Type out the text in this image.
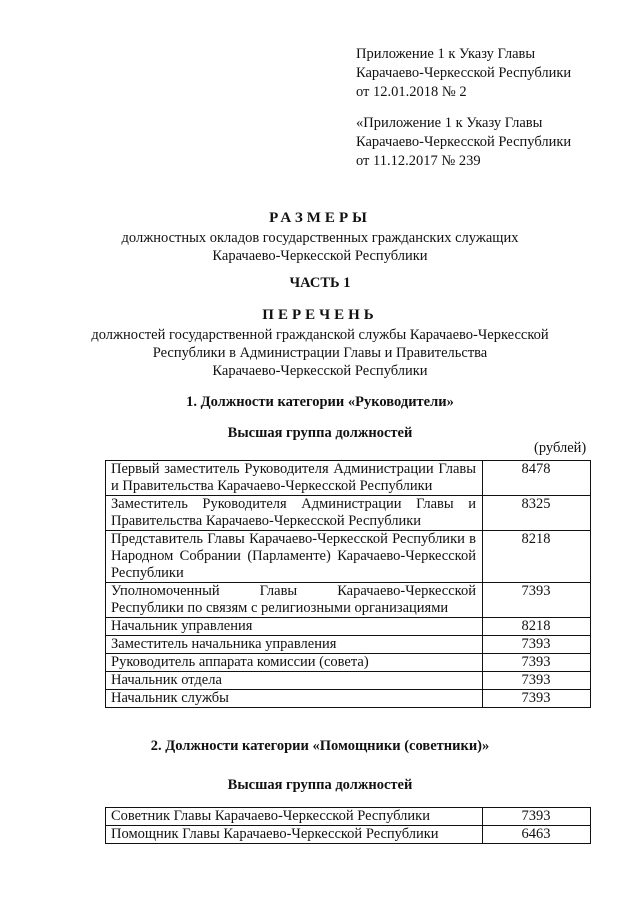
Приложение 1 к Указу Главы
Карачаево-Черкесской Республики
от 12.01.2018 № 2
«Приложение 1 к Указу Главы
Карачаево-Черкесской Республики
от 11.12.2017 № 239
РАЗМЕРЫ
должностных окладов государственных гражданских служащих
Карачаево-Черкесской Республики
ЧАСТЬ 1
ПЕРЕЧЕНЬ
должностей государственной гражданской службы Карачаево-Черкесской
Республики в Администрации Главы и Правительства
Карачаево-Черкесской Республики
1. Должности категории «Руководители»
Высшая группа должностей
(рублей)
Первый заместитель Руководителя Администрации Главы и Правительства Карачаево-Черкесской Республики	8478
Заместитель Руководителя Администрации Главы и Правительства Карачаево-Черкесской Республики	8325
Представитель Главы Карачаево-Черкесской Республики в Народном Собрании (Парламенте) Карачаево-Черкесской Республики	8218
Уполномоченный Главы Карачаево-Черкесской Республики по связям с религиозными организациями	7393
Начальник управления	8218
Заместитель начальника управления	7393
Руководитель аппарата комиссии (совета)	7393
Начальник отдела	7393
Начальник службы	7393
2. Должности категории «Помощники (советники)»
Высшая группа должностей
Советник Главы Карачаево-Черкесской Республики	7393
Помощник Главы Карачаево-Черкесской Республики	6463
